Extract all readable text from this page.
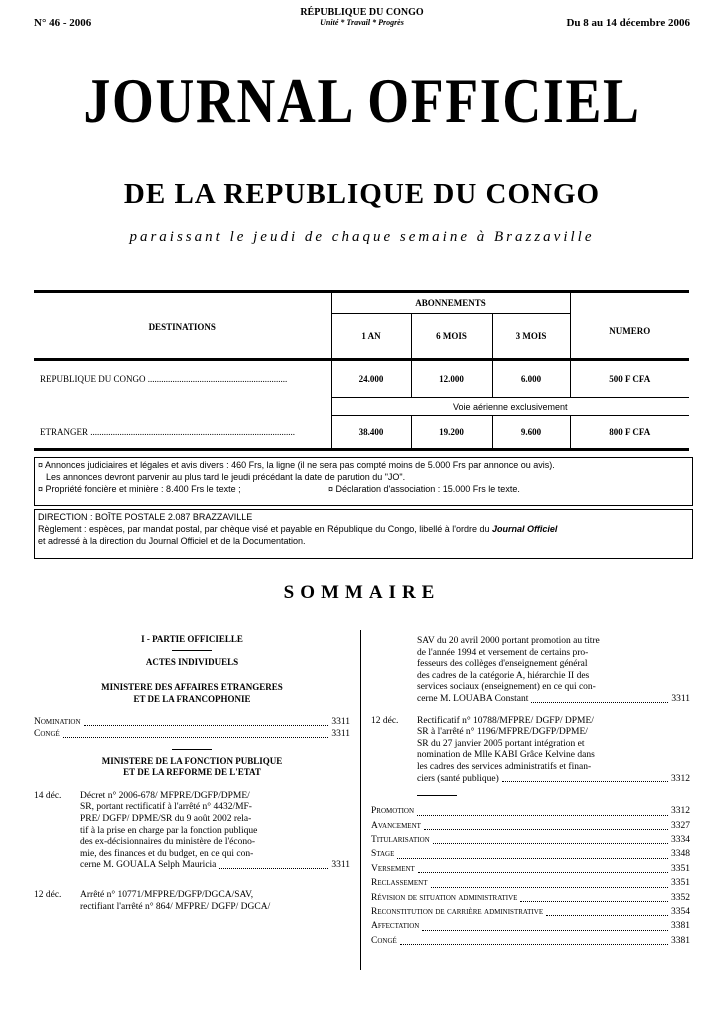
N° 46 - 2006
RÉPUBLIQUE DU CONGO
Unité * Travail * Progrès	Du 8 au 14 décembre 2006
JOURNAL OFFICIEL
DE LA REPUBLIQUE DU CONGO
paraissant le jeudi de chaque semaine à Brazzaville
	ABONNEMENTS			
DESTINATIONS	1 AN	6 MOIS	3 MOIS	NUMERO
REPUBLIQUE DU CONGO ..............................................................	24.000	12.000	6.000	500 F CFA
	Voie aérienne exclusivement			
ETRANGER ...........................................................................................	38.400	19.200	9.600	800 F CFA
¤ Annonces judiciaires et légales et avis divers : 460 Frs, la ligne (il ne sera pas compté moins de 5.000 Frs par annonce ou avis).
Les annonces devront parvenir au plus tard le jeudi précédant la date de parution du "JO".
¤ Propriété foncière et minière : 8.400 Frs le texte ;	¤ Déclaration d'association : 15.000 Frs le texte.
DIRECTION : BOÎTE POSTALE 2.087 BRAZZAVILLE
Règlement : espèces, par mandat postal, par chèque visé et payable en République du Congo, libellé à l'ordre du Journal Officiel
et adressé à la direction du Journal Officiel et de la Documentation.
SOMMAIRE
I - PARTIE OFFICIELLE
ACTES INDIVIDUELS
MINISTERE DES AFFAIRES ETRANGERES
ET DE LA FRANCOPHONIE
Nomination	3311
Congé	3311
MINISTERE DE LA FONCTION PUBLIQUE
ET DE LA REFORME DE L'ETAT
14 déc.	Décret n° 2006-678/ MFPRE/DGFP/DPME/
SR, portant rectificatif à l'arrêté n° 4432/MF-
PRE/ DGFP/ DPME/SR du 9 août 2002 rela-
tif à la prise en charge par la fonction publique
des ex-décisionnaires du ministère de l'écono-
mie, des finances et du budget, en ce qui con-
cerne M. GOUALA Selph Mauricia	3311
12 déc.	Arrêté n° 10771/MFPRE/DGFP/DGCA/SAV,
rectifiant l'arrêté n° 864/ MFPRE/ DGFP/ DGCA/
SAV du 20 avril 2000 portant promotion au titre
de l'année 1994 et versement de certains pro-
fesseurs des collèges d'enseignement général
des cadres de la catégorie A, hiérarchie II des
services sociaux (enseignement) en ce qui con-
cerne M. LOUABA Constant	3311
12 déc.	Rectificatif n° 10788/MFPRE/ DGFP/ DPME/
SR à l'arrêté n° 1196/MFPRE/DGFP/DPME/
SR du 27 janvier 2005 portant intégration et
nomination de Mlle KABI Grâce Kelvine dans
les cadres des services administratifs et finan-
ciers (santé publique)	3312
Promotion	3312
Avancement	3327
Titularisation	3334
Stage	3348
Versement	3351
Reclassement	3351
Révision de situation administrative	3352
Reconstitution de carrière administrative	3354
Affectation	3381
Congé	3381
